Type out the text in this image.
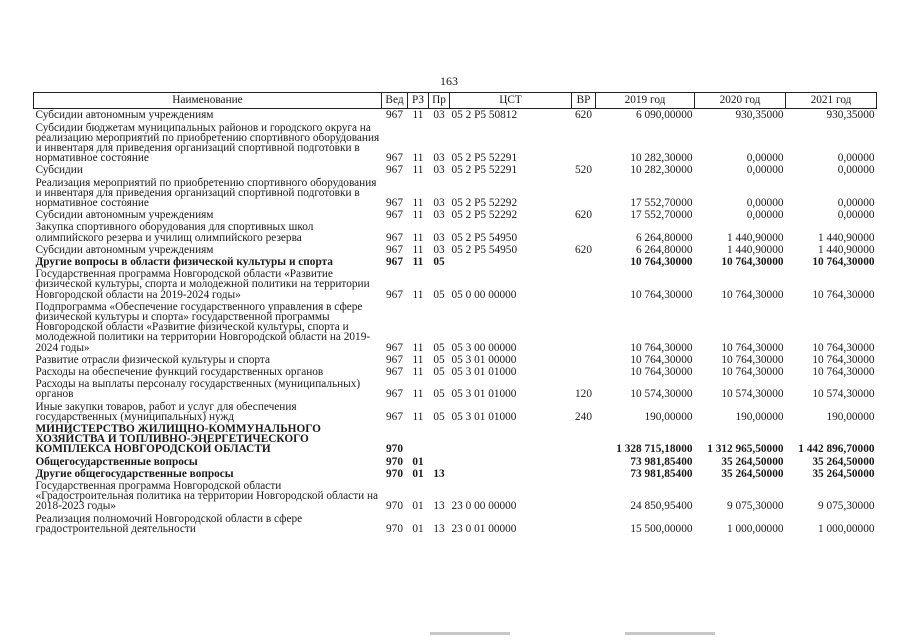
163
Наименование	Вед	РЗ	Пр	ЦСТ	ВР	2019 год	2020 год	2021 год
Субсидии автономным учреждениям	967	11	03	05 2 P5 50812	620	6 090,00000	930,35000	930,35000
Субсидии бюджетам муниципальных районов и городского округа на реализацию мероприятий по приобретению спортивного оборудования и инвентаря для приведения организаций спортивной подготовки в нормативное состояние	967	11	03	05 2 P5 52291		10 282,30000	0,00000	0,00000
Субсидии	967	11	03	05 2 P5 52291	520	10 282,30000	0,00000	0,00000
Реализация мероприятий по приобретению спортивного оборудования и инвентаря для приведения организаций спортивной подготовки в нормативное состояние	967	11	03	05 2 P5 52292		17 552,70000	0,00000	0,00000
Субсидии автономным учреждениям	967	11	03	05 2 P5 52292	620	17 552,70000	0,00000	0,00000
Закупка спортивного оборудования для спортивных школ олимпийского резерва и училищ олимпийского резерва	967	11	03	05 2 P5 54950		6 264,80000	1 440,90000	1 440,90000
Субсидии автономным учреждениям	967	11	03	05 2 P5 54950	620	6 264,80000	1 440,90000	1 440,90000
Другие вопросы в области физической культуры и спорта	967	11	05			10 764,30000	10 764,30000	10 764,30000
Государственная программа Новгородской области «Развитие физической культуры, спорта и молодежной политики на территории Новгородской области на 2019-2024 годы»	967	11	05	05 0 00 00000		10 764,30000	10 764,30000	10 764,30000
Подпрограмма «Обеспечение государственного управления в сфере физической культуры и спорта» государственной программы Новгородской области «Развитие физической культуры, спорта и молодежной политики на территории Новгородской области на 2019-2024 годы»	967	11	05	05 3 00 00000		10 764,30000	10 764,30000	10 764,30000
Развитие отрасли физической культуры и спорта	967	11	05	05 3 01 00000		10 764,30000	10 764,30000	10 764,30000
Расходы на обеспечение функций государственных органов	967	11	05	05 3 01 01000		10 764,30000	10 764,30000	10 764,30000
Расходы на выплаты персоналу государственных (муниципальных) органов	967	11	05	05 3 01 01000	120	10 574,30000	10 574,30000	10 574,30000
Иные закупки товаров, работ и услуг для обеспечения государственных (муниципальных) нужд	967	11	05	05 3 01 01000	240	190,00000	190,00000	190,00000
МИНИСТЕРСТВО ЖИЛИЩНО-КОММУНАЛЬНОГО ХОЗЯЙСТВА И ТОПЛИВНО-ЭНЕРГЕТИЧЕСКОГО КОМПЛЕКСА НОВГОРОДСКОЙ ОБЛАСТИ	970					1 328 715,18000	1 312 965,50000	1 442 896,70000
Общегосударственные вопросы	970	01				73 981,85400	35 264,50000	35 264,50000
Другие общегосударственные вопросы	970	01	13			73 981,85400	35 264,50000	35 264,50000
Государственная программа Новгородской области «Градостроительная политика на территории Новгородской области на 2018-2023 годы»	970	01	13	23 0 00 00000		24 850,95400	9 075,30000	9 075,30000
Реализация полномочий Новгородской области в сфере градостроительной деятельности	970	01	13	23 0 01 00000		15 500,00000	1 000,00000	1 000,00000
